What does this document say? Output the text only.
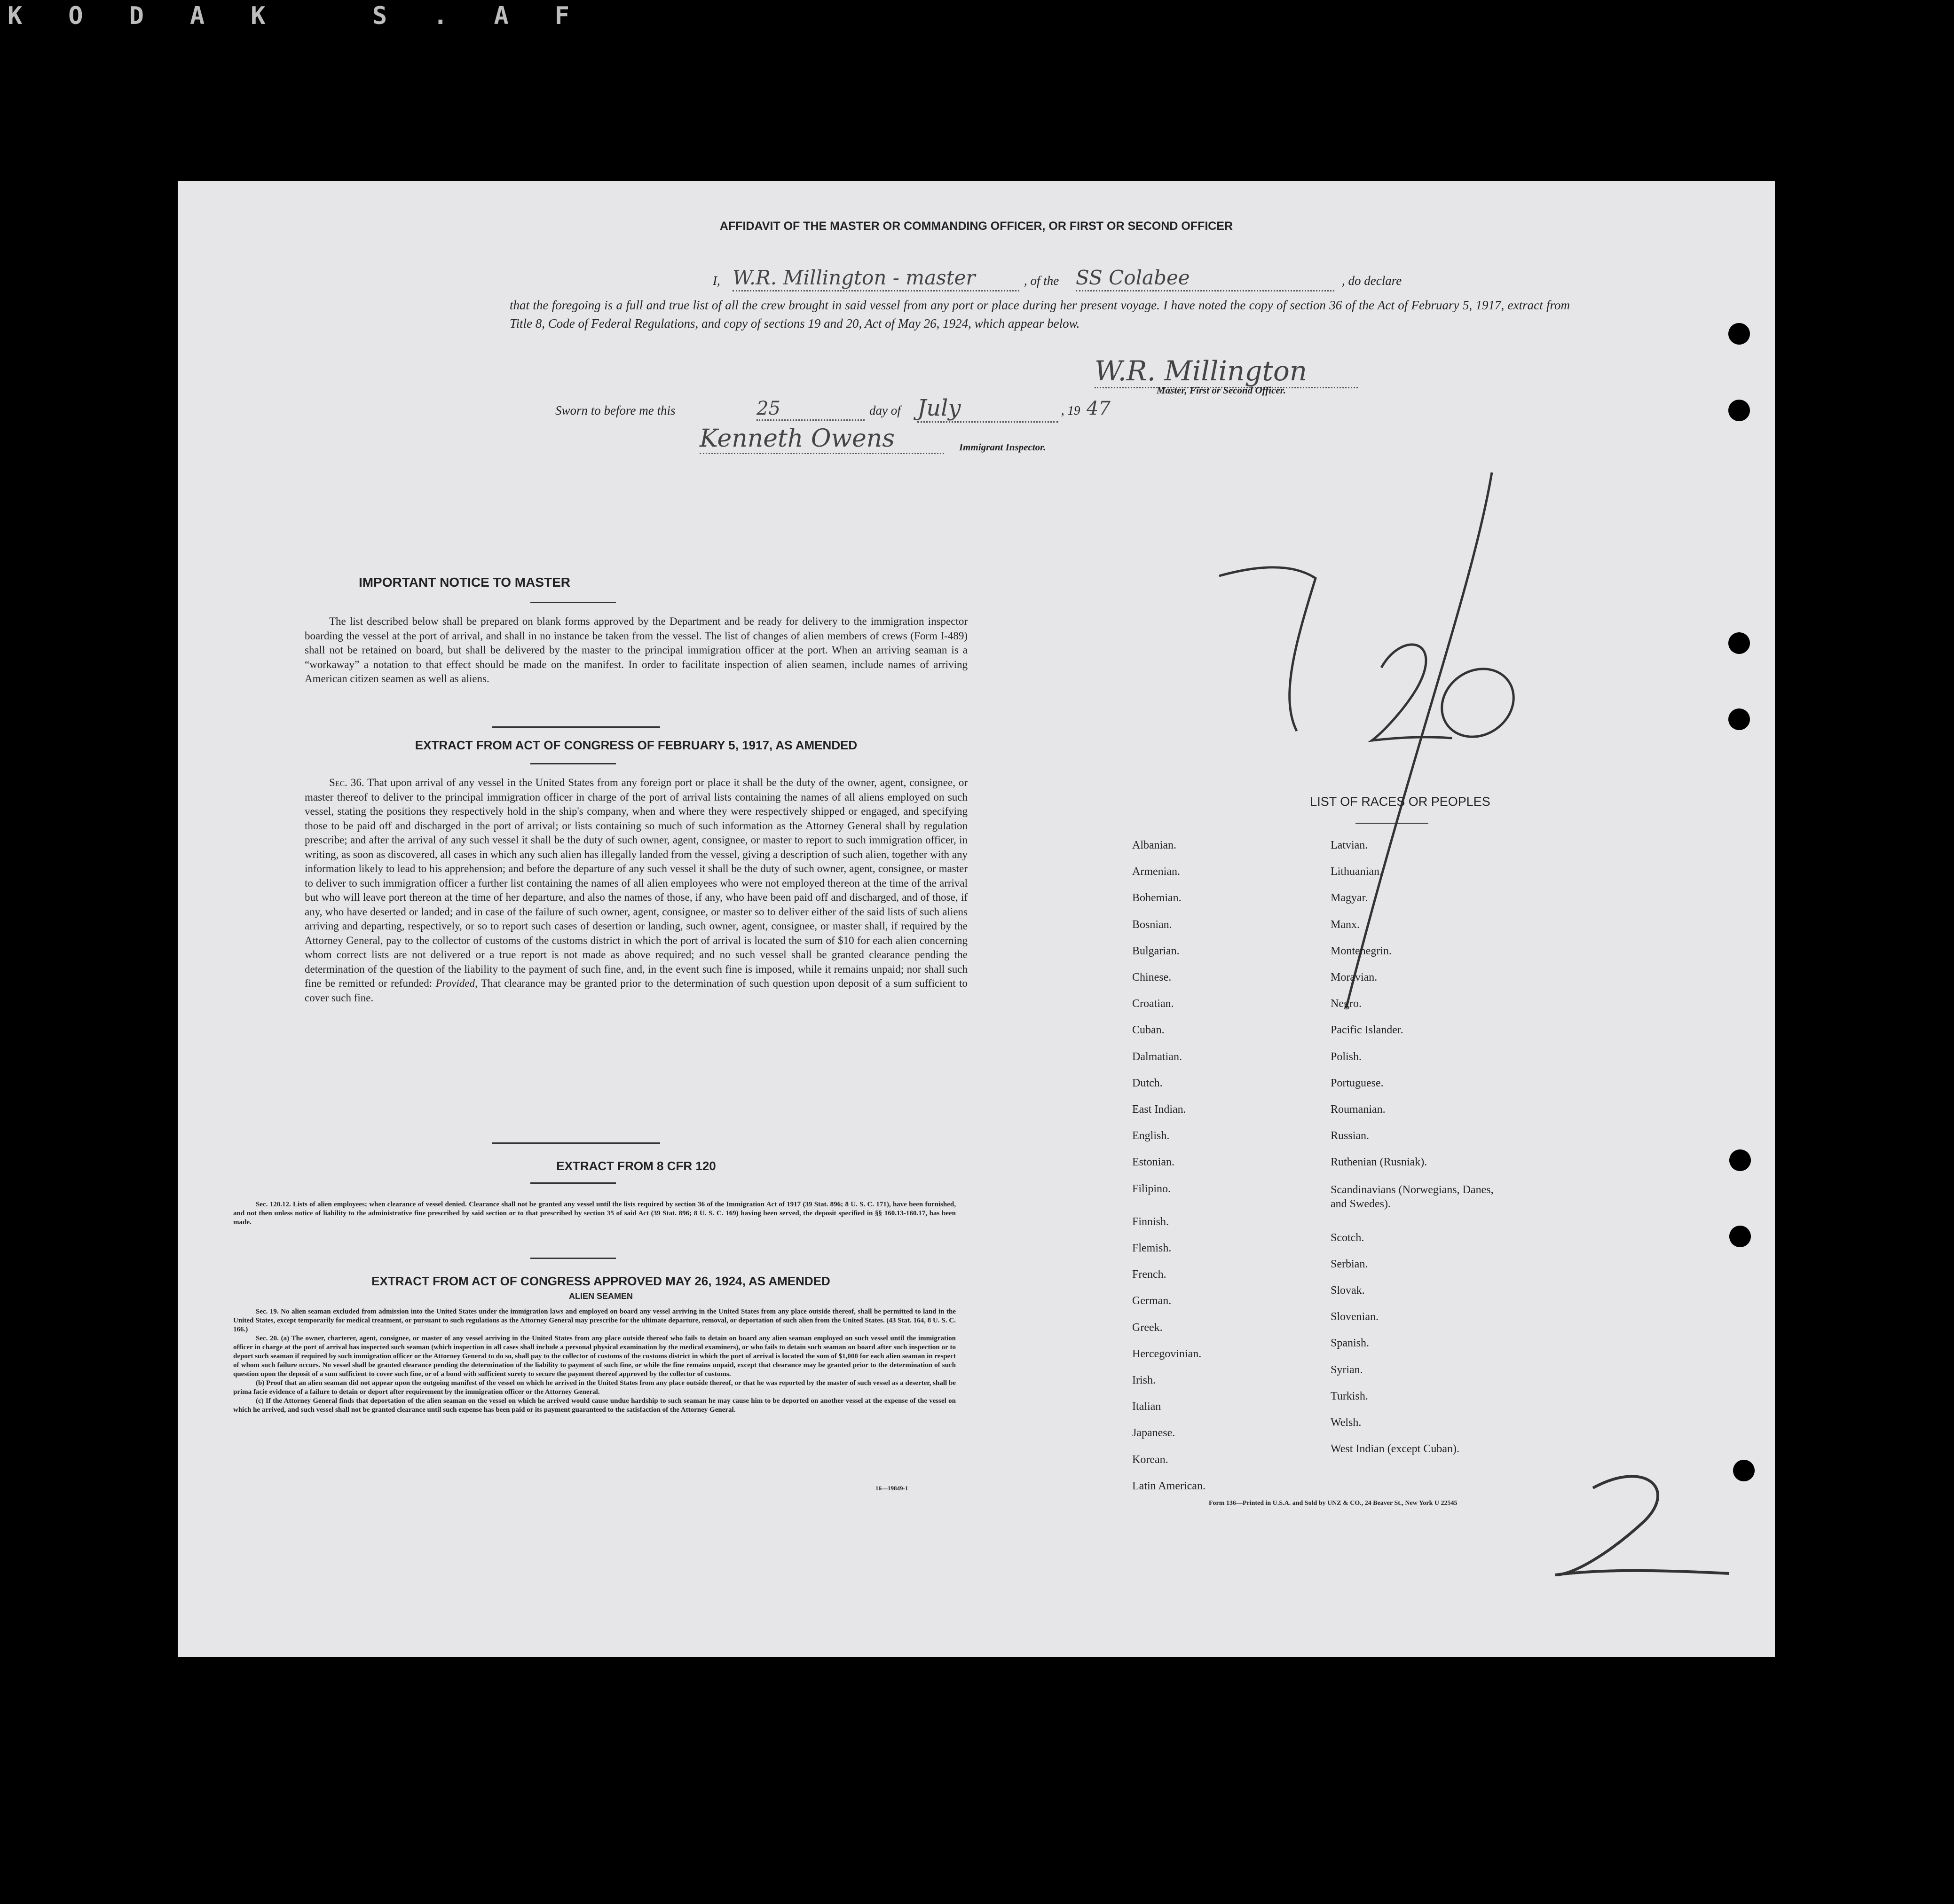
KODAK S.AF
AFFIDAVIT OF THE MASTER OR COMMANDING OFFICER, OR FIRST OR SECOND OFFICER
I, W.R. Millington - master	, of the SS Colabee	, do declare
that the foregoing is a full and true list of all the crew brought in said vessel from any port or place during her present voyage. I have noted the copy of section 36 of the Act of February 5, 1917, extract from Title 8, Code of Federal Regulations, and copy of sections 19 and 20, Act of May 26, 1924, which appear below.
W.R. Millington
Master, First or Second Officer.
Sworn to before me this	25	day of July	, 19 47
Kenneth Owens	Immigrant Inspector.
IMPORTANT NOTICE TO MASTER
The list described below shall be prepared on blank forms approved by the Department and be ready for delivery to the immigration inspector boarding the vessel at the port of arrival, and shall in no instance be taken from the vessel. The list of changes of alien members of crews (Form I-489) shall not be retained on board, but shall be delivered by the master to the principal immigration officer at the port. When an arriving seaman is a “workaway” a notation to that effect should be made on the manifest. In order to facilitate inspection of alien seamen, include names of arriving American citizen seamen as well as aliens.
EXTRACT FROM ACT OF CONGRESS OF FEBRUARY 5, 1917, AS AMENDED
Sec. 36. That upon arrival of any vessel in the United States from any foreign port or place it shall be the duty of the owner, agent, consignee, or master thereof to deliver to the principal immigration officer in charge of the port of arrival lists containing the names of all aliens employed on such vessel, stating the positions they respectively hold in the ship's company, when and where they were respectively shipped or engaged, and specifying those to be paid off and discharged in the port of arrival; or lists containing so much of such information as the Attorney General shall by regulation prescribe; and after the arrival of any such vessel it shall be the duty of such owner, agent, consignee, or master to report to such immigration officer, in writing, as soon as discovered, all cases in which any such alien has illegally landed from the vessel, giving a description of such alien, together with any information likely to lead to his apprehension; and before the departure of any such vessel it shall be the duty of such owner, agent, consignee, or master to deliver to such immigration officer a further list containing the names of all alien employees who were not employed thereon at the time of the arrival but who will leave port thereon at the time of her departure, and also the names of those, if any, who have been paid off and discharged, and of those, if any, who have deserted or landed; and in case of the failure of such owner, agent, consignee, or master so to deliver either of the said lists of such aliens arriving and departing, respectively, or so to report such cases of desertion or landing, such owner, agent, consignee, or master shall, if required by the Attorney General, pay to the collector of customs of the customs district in which the port of arrival is located the sum of $10 for each alien concerning whom correct lists are not delivered or a true report is not made as above required; and no such vessel shall be granted clearance pending the determination of the question of the liability to the payment of such fine, and, in the event such fine is imposed, while it remains unpaid; nor shall such fine be remitted or refunded: Provided, That clearance may be granted prior to the determination of such question upon deposit of a sum sufficient to cover such fine.
EXTRACT FROM 8 CFR 120
Sec. 120.12. Lists of alien employees; when clearance of vessel denied. Clearance shall not be granted any vessel until the lists required by section 36 of the Immigration Act of 1917 (39 Stat. 896; 8 U. S. C. 171), have been furnished, and not then unless notice of liability to the administrative fine prescribed by said section or to that prescribed by section 35 of said Act (39 Stat. 896; 8 U. S. C. 169) having been served, the deposit specified in §§ 160.13-160.17, has been made.
EXTRACT FROM ACT OF CONGRESS APPROVED MAY 26, 1924, AS AMENDED
ALIEN SEAMEN
Sec. 19. No alien seaman excluded from admission into the United States under the immigration laws and employed on board any vessel arriving in the United States from any place outside thereof, shall be permitted to land in the United States, except temporarily for medical treatment, or pursuant to such regulations as the Attorney General may prescribe for the ultimate departure, removal, or deportation of such alien from the United States. (43 Stat. 164, 8 U. S. C. 166.)
Sec. 20. (a) The owner, charterer, agent, consignee, or master of any vessel arriving in the United States from any place outside thereof who fails to detain on board any alien seaman employed on such vessel until the immigration officer in charge at the port of arrival has inspected such seaman (which inspection in all cases shall include a personal physical examination by the medical examiners), or who fails to detain such seaman on board after such inspection or to deport such seaman if required by such immigration officer or the Attorney General to do so, shall pay to the collector of customs of the customs district in which the port of arrival is located the sum of $1,000 for each alien seaman in respect of whom such failure occurs. No vessel shall be granted clearance pending the determination of the liability to payment of such fine, or while the fine remains unpaid, except that clearance may be granted prior to the determination of such question upon the deposit of a sum sufficient to cover such fine, or of a bond with sufficient surety to secure the payment thereof approved by the collector of customs.
(b) Proof that an alien seaman did not appear upon the outgoing manifest of the vessel on which he arrived in the United States from any place outside thereof, or that he was reported by the master of such vessel as a deserter, shall be prima facie evidence of a failure to detain or deport after requirement by the immigration officer or the Attorney General.
(c) If the Attorney General finds that deportation of the alien seaman on the vessel on which he arrived would cause undue hardship to such seaman he may cause him to be deported on another vessel at the expense of the vessel on which he arrived, and such vessel shall not be granted clearance until such expense has been paid or its payment guaranteed to the satisfaction of the Attorney General.
16—19849-1
LIST OF RACES OR PEOPLES
Form 136—Printed in U.S.A. and Sold by UNZ & CO., 24 Beaver St., New York U 22545
Albanian.
Armenian.
Bohemian.
Bosnian.
Bulgarian.
Chinese.
Croatian.
Cuban.
Dalmatian.
Dutch.
East Indian.
English.
Estonian.
Filipino.
Finnish.
Flemish.
French.
German.
Greek.
Hercegovinian.
Irish.
Italian
Japanese.
Korean.
Latin American.
Latvian.
Lithuanian.
Magyar.
Manx.
Montenegrin.
Moravian.
Negro.
Pacific Islander.
Polish.
Portuguese.
Roumanian.
Russian.
Ruthenian (Rusniak).
Scandinavians (Norwegians, Danes, and Swedes).
Scotch.
Serbian.
Slovak.
Slovenian.
Spanish.
Syrian.
Turkish.
Welsh.
West Indian (except Cuban).
